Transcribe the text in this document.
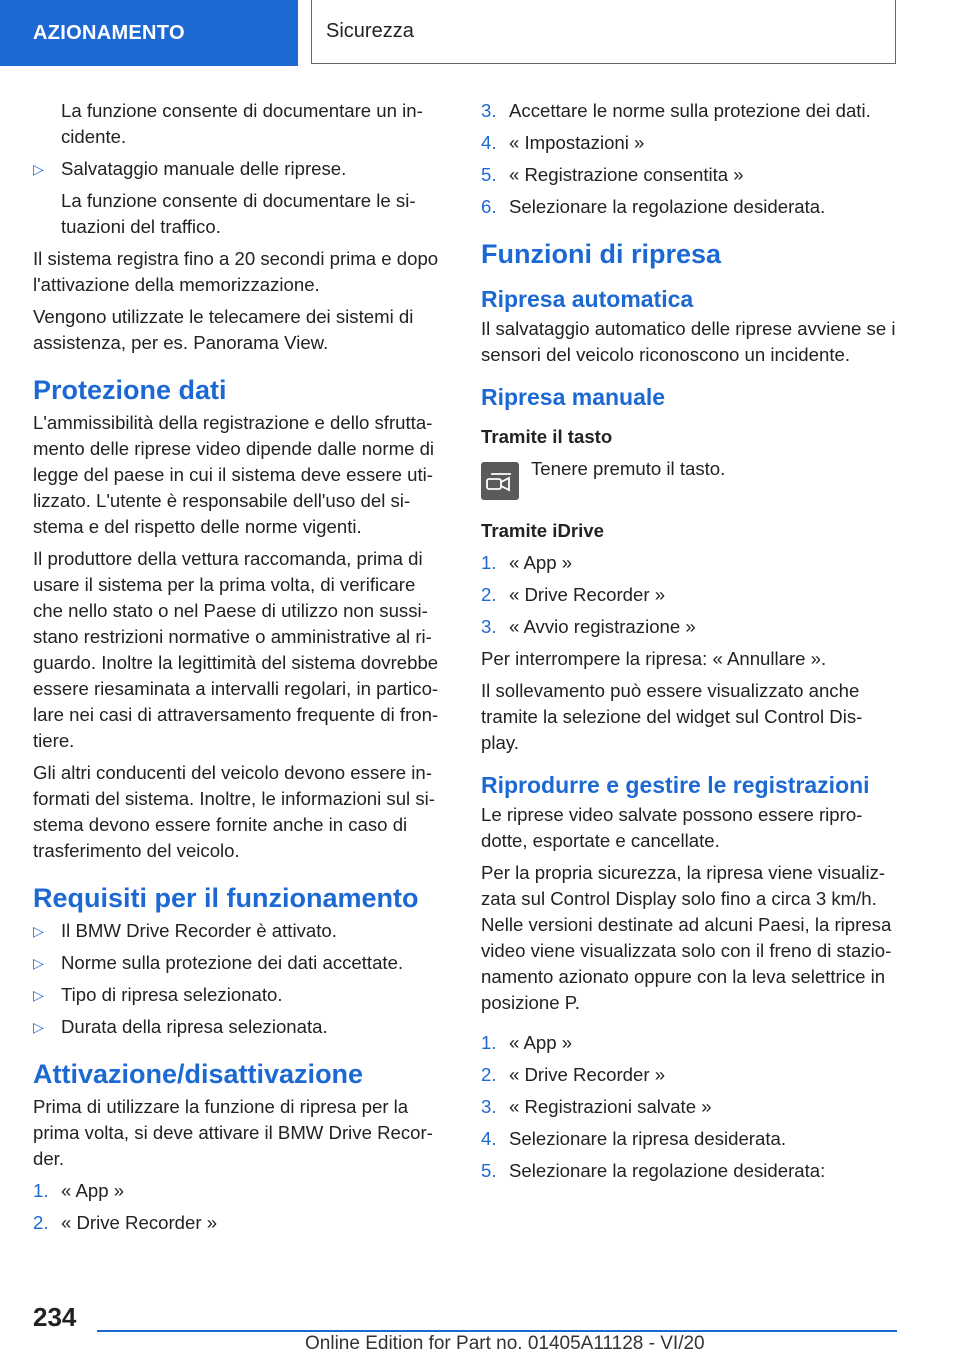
AZIONAMENTO	Sicurezza

La funzione consente di documentare un in-cidente.

▷ Salvataggio manuale delle riprese.

La funzione consente di documentare le si-tuazioni del traffico.

Il sistema registra fino a 20 secondi prima e dopo l'attivazione della memorizzazione.

Vengono utilizzate le telecamere dei sistemi di assistenza, per es. Panorama View.

Protezione dati

L'ammissibilità della registrazione e dello sfrutta-mento delle riprese video dipende dalle norme di legge del paese in cui il sistema deve essere uti-lizzato. L'utente è responsabile dell'uso del si-stema e del rispetto delle norme vigenti.

Il produttore della vettura raccomanda, prima di usare il sistema per la prima volta, di verificare che nello stato o nel Paese di utilizzo non sussi-stano restrizioni normative o amministrative al ri-guardo. Inoltre la legittimità del sistema dovrebbe essere riesaminata a intervalli regolari, in partico-lare nei casi di attraversamento frequente di fron-tiere.

Gli altri conducenti del veicolo devono essere in-formati del sistema. Inoltre, le informazioni sul si-stema devono essere fornite anche in caso di trasferimento del veicolo.

Requisiti per il funzionamento
▷ Il BMW Drive Recorder è attivato.
▷ Norme sulla protezione dei dati accettate.
▷ Tipo di ripresa selezionato.
▷ Durata della ripresa selezionata.
Attivazione/disattivazione

Prima di utilizzare la funzione di ripresa per la prima volta, si deve attivare il BMW Drive Recor-der.

1. « App »
2. « Drive Recorder »
3. Accettare le norme sulla protezione dei dati.
4. « Impostazioni »
5. « Registrazione consentita »
6. Selezionare la regolazione desiderata.
Funzioni di ripresa
Ripresa automatica

Il salvataggio automatico delle riprese avviene se i sensori del veicolo riconoscono un incidente.

Ripresa manuale
Tramite il tasto
Tenere premuto il tasto.
Tramite iDrive
1. « App »
2. « Drive Recorder »
3. « Avvio registrazione »

Per interrompere la ripresa: « Annullare ».

Il sollevamento può essere visualizzato anche tramite la selezione del widget sul Control Dis-play.

Riprodurre e gestire le registrazioni

Le riprese video salvate possono essere ripro-dotte, esportate e cancellate.

Per la propria sicurezza, la ripresa viene visualiz-zata sul Control Display solo fino a circa 3 km/h. Nelle versioni destinate ad alcuni Paesi, la ripresa video viene visualizzata solo con il freno di stazio-namento azionato oppure con la leva selettrice in posizione P.

1. « App »
2. « Drive Recorder »
3. « Registrazioni salvate »
4. Selezionare la ripresa desiderata.
5. Selezionare la regolazione desiderata:
234
Online Edition for Part no. 01405A11128 - VI/20
